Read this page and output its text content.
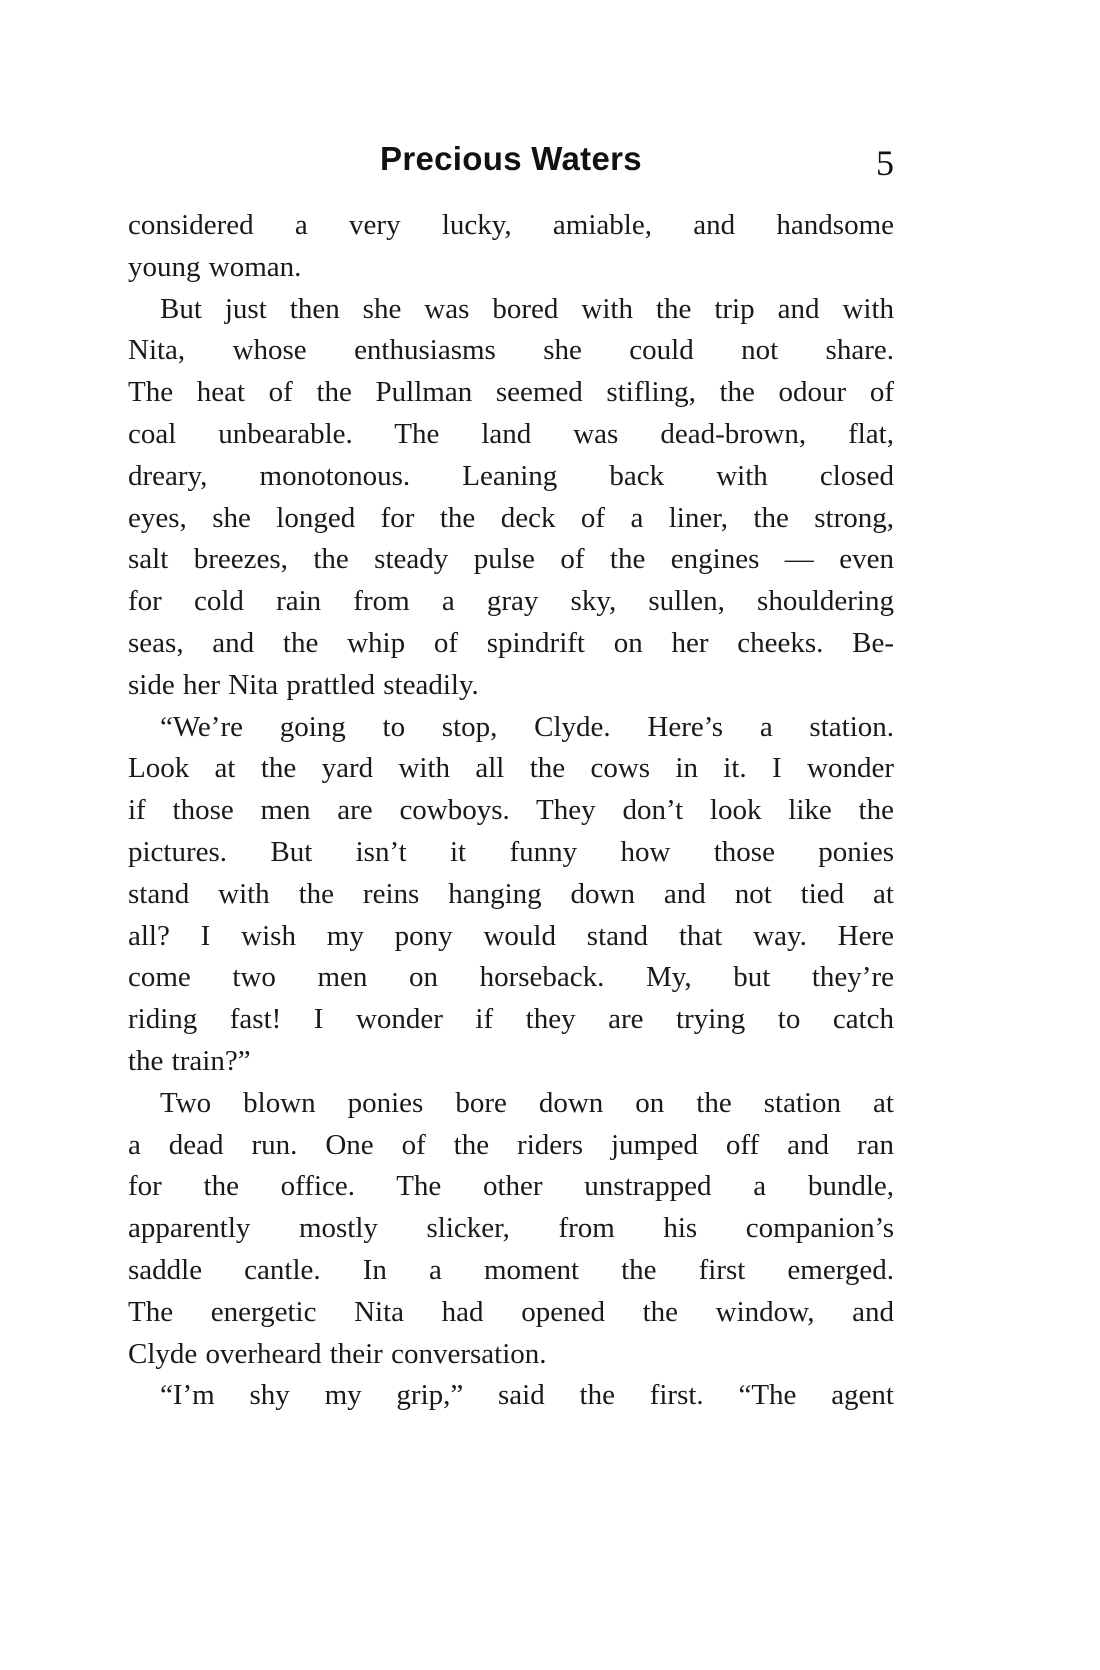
Precious Waters	5
considered a very lucky, amiable, and handsome
young woman.
But just then she was bored with the trip and with
Nita, whose enthusiasms she could not share.
The heat of the Pullman seemed stifling, the odour of
coal unbearable. The land was dead-brown, flat,
dreary, monotonous. Leaning back with closed
eyes, she longed for the deck of a liner, the strong,
salt breezes, the steady pulse of the engines — even
for cold rain from a gray sky, sullen, shouldering
seas, and the whip of spindrift on her cheeks. Be-
side her Nita prattled steadily.
“We’re going to stop, Clyde. Here’s a station.
Look at the yard with all the cows in it. I wonder
if those men are cowboys. They don’t look like the
pictures. But isn’t it funny how those ponies
stand with the reins hanging down and not tied at
all? I wish my pony would stand that way. Here
come two men on horseback. My, but they’re
riding fast! I wonder if they are trying to catch
the train?”
Two blown ponies bore down on the station at
a dead run. One of the riders jumped off and ran
for the office. The other unstrapped a bundle,
apparently mostly slicker, from his companion’s
saddle cantle. In a moment the first emerged.
The energetic Nita had opened the window, and
Clyde overheard their conversation.
“I’m shy my grip,” said the first. “The agent
